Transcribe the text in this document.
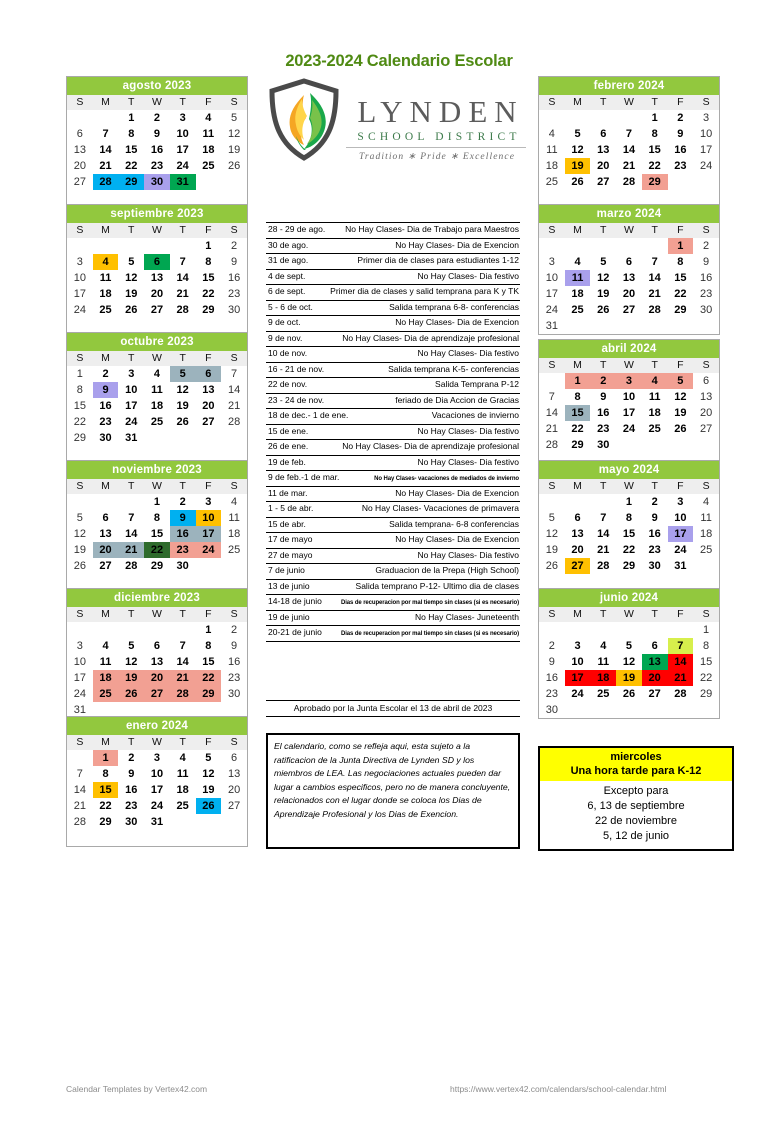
2023-2024 Calendario Escolar
LYNDEN
SCHOOL DISTRICT
Tradition ∗ Pride ∗ Excellence
agosto 2023
S	M	T	W	T	F	S
		1	2	3	4	5
6	7	8	9	10	11	12
13	14	15	16	17	18	19
20	21	22	23	24	25	26
27	28	29	30	31		

septiembre 2023
S	M	T	W	T	F	S
					1	2
3	4	5	6	7	8	9
10	11	12	13	14	15	16
17	18	19	20	21	22	23
24	25	26	27	28	29	30

octubre 2023
S	M	T	W	T	F	S
1	2	3	4	5	6	7
8	9	10	11	12	13	14
15	16	17	18	19	20	21
22	23	24	25	26	27	28
29	30	31				

noviembre 2023
S	M	T	W	T	F	S
			1	2	3	4
5	6	7	8	9	10	11
12	13	14	15	16	17	18
19	20	21	22	23	24	25
26	27	28	29	30		

diciembre 2023
S	M	T	W	T	F	S
					1	2
3	4	5	6	7	8	9
10	11	12	13	14	15	16
17	18	19	20	21	22	23
24	25	26	27	28	29	30
31						
enero 2024
S	M	T	W	T	F	S
	1	2	3	4	5	6
7	8	9	10	11	12	13
14	15	16	17	18	19	20
21	22	23	24	25	26	27
28	29	30	31			

febrero 2024
S	M	T	W	T	F	S
				1	2	3
4	5	6	7	8	9	10
11	12	13	14	15	16	17
18	19	20	21	22	23	24
25	26	27	28	29		

marzo 2024
S	M	T	W	T	F	S
					1	2
3	4	5	6	7	8	9
10	11	12	13	14	15	16
17	18	19	20	21	22	23
24	25	26	27	28	29	30
31						
abril 2024
S	M	T	W	T	F	S
	1	2	3	4	5	6
7	8	9	10	11	12	13
14	15	16	17	18	19	20
21	22	23	24	25	26	27
28	29	30				

mayo 2024
S	M	T	W	T	F	S
			1	2	3	4
5	6	7	8	9	10	11
12	13	14	15	16	17	18
19	20	21	22	23	24	25
26	27	28	29	30	31	

junio 2024
S	M	T	W	T	F	S
						1
2	3	4	5	6	7	8
9	10	11	12	13	14	15
16	17	18	19	20	21	22
23	24	25	26	27	28	29
30						
28 - 29 de ago.	No Hay Clases- Dia de Trabajo para Maestros
30 de ago.	No Hay Clases- Dia de Exencion
31 de ago.	Primer dia de clases para estudiantes 1-12
4 de sept.	No Hay Clases- Dia festivo
6 de sept.	Primer dia de clases y salid temprana para K y TK
5 - 6 de oct.	Salida temprana 6-8- conferencias
9 de oct.	No Hay Clases- Dia de Exencion
9 de nov.	No Hay Clases- Dia de aprendizaje profesional
10 de nov.	No Hay Clases- Dia festivo
16 - 21 de nov.	Salida temprana K-5- conferencias
22 de nov.	Salida Temprana P-12
23 - 24 de nov.	feriado de Dia Accion de Gracias
18 de dec.- 1 de ene.	Vacaciones de invierno
15 de ene.	No Hay Clases- Dia festivo
26 de ene.	No Hay Clases- Dia de aprendizaje profesional
19 de feb.	No Hay Clases- Dia festivo
9 de feb.-1 de mar.	No Hay Clases- vacaciones de mediados de invierno
11 de mar.	No Hay Clases- Dia de Exencion
1 - 5 de abr.	No Hay Clases- Vacaciones de primavera
15 de abr.	Salida temprana- 6-8 conferencias
17 de mayo	No Hay Clases- Dia de Exencion
27 de mayo	No Hay Clases- Dia festivo
7 de junio	Graduacion de la Prepa (High School)
13 de junio	Salida temprano P-12- Ultimo dia de clases
14-18 de junio	Dias de recuperacion por mal tiempo sin clases (si es necesario)
19 de junio	No Hay Clases- Juneteenth
20-21 de junio	Dias de recuperacion por mal tiempo sin clases (si es necesario)
Aprobado por la Junta Escolar el 13 de abril de 2023
El calendario, como se refleja aqui, esta sujeto a la ratificacion de la Junta Directiva de Lynden SD y los miembros de LEA. Las negociaciones actuales pueden dar lugar a cambios especificos, pero no de manera concluyente, relacionados con el lugar donde se coloca los Dias de Aprendizaje Profesional y los Dias de Exencion.
miercoles
Una hora tarde para K-12
Excepto para
6, 13 de septiembre
22 de noviembre
5, 12 de junio
Calendar Templates by Vertex42.com	https://www.vertex42.com/calendars/school-calendar.html
